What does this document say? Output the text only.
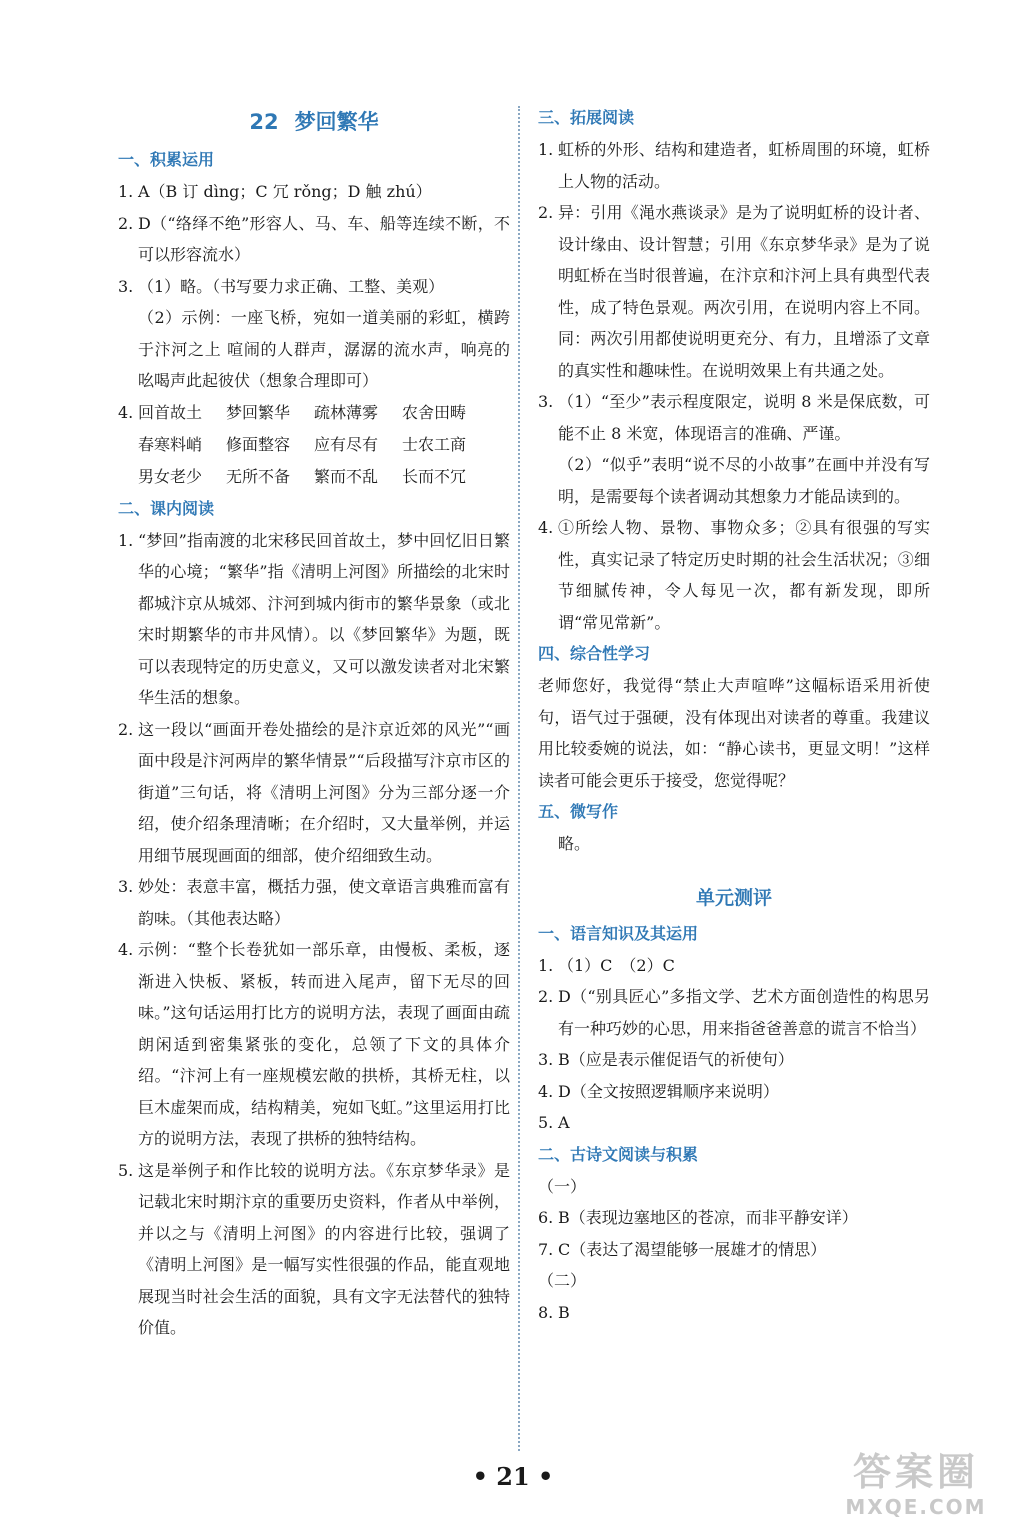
22 梦回繁华
一、积累运用
1. A（B 订 dìng；C 冗 rǒng；D 触 zhú）
2. D（“络绎不绝”形容人、马、车、船等连续不断，不可以形容流水）
3. （1）略。（书写要力求正确、工整、美观）
（2）示例：一座飞桥，宛如一道美丽的彩虹，横跨于汴河之上 喧闹的人群声，潺潺的流水声，响亮的吆喝声此起彼伏（想象合理即可）
4. 回首故土	梦回繁华	疏林薄雾	农舍田畴
春寒料峭	修面整容	应有尽有	士农工商
男女老少	无所不备	繁而不乱	长而不冗
二、课内阅读
1. “梦回”指南渡的北宋移民回首故土，梦中回忆旧日繁华的心境；“繁华”指《清明上河图》所描绘的北宋时都城汴京从城郊、汴河到城内街市的繁华景象（或北宋时期繁华的市井风情）。以《梦回繁华》为题，既可以表现特定的历史意义，又可以激发读者对北宋繁华生活的想象。
2. 这一段以“画面开卷处描绘的是汴京近郊的风光”“画面中段是汴河两岸的繁华情景”“后段描写汴京市区的街道”三句话，将《清明上河图》分为三部分逐一介绍，使介绍条理清晰；在介绍时，又大量举例，并运用细节展现画面的细部，使介绍细致生动。
3. 妙处：表意丰富，概括力强，使文章语言典雅而富有韵味。（其他表达略）
4. 示例：“整个长卷犹如一部乐章，由慢板、柔板，逐渐进入快板、紧板，转而进入尾声，留下无尽的回味。”这句话运用打比方的说明方法，表现了画面由疏朗闲适到密集紧张的变化，总领了下文的具体介绍。“汴河上有一座规模宏敞的拱桥，其桥无柱，以巨木虚架而成，结构精美，宛如飞虹。”这里运用打比方的说明方法，表现了拱桥的独特结构。
5. 这是举例子和作比较的说明方法。《东京梦华录》是记载北宋时期汴京的重要历史资料，作者从中举例，并以之与《清明上河图》的内容进行比较，强调了《清明上河图》是一幅写实性很强的作品，能直观地展现当时社会生活的面貌，具有文字无法替代的独特价值。
三、拓展阅读
1. 虹桥的外形、结构和建造者，虹桥周围的环境，虹桥上人物的活动。
2. 异：引用《渑水燕谈录》是为了说明虹桥的设计者、设计缘由、设计智慧；引用《东京梦华录》是为了说明虹桥在当时很普遍，在汴京和汴河上具有典型代表性，成了特色景观。两次引用，在说明内容上不同。同：两次引用都使说明更充分、有力，且增添了文章的真实性和趣味性。在说明效果上有共通之处。
3. （1）“至少”表示程度限定，说明 8 米是保底数，可能不止 8 米宽，体现语言的准确、严谨。
（2）“似乎”表明“说不尽的小故事”在画中并没有写明，是需要每个读者调动其想象力才能品读到的。
4. ①所绘人物、景物、事物众多；②具有很强的写实性，真实记录了特定历史时期的社会生活状况；③细节细腻传神，令人每见一次，都有新发现，即所谓“常见常新”。
四、综合性学习
老师您好，我觉得“禁止大声喧哗”这幅标语采用祈使句，语气过于强硬，没有体现出对读者的尊重。我建议用比较委婉的说法，如：“静心读书，更显文明！”这样读者可能会更乐于接受，您觉得呢？
五、微写作
略。
单元测评
一、语言知识及其运用
1. （1）C　（2）C
2. D（“别具匠心”多指文学、艺术方面创造性的构思另有一种巧妙的心思，用来指爸爸善意的谎言不恰当）
3. B（应是表示催促语气的祈使句）
4. D（全文按照逻辑顺序来说明）
5. A
二、古诗文阅读与积累
（一）
6. B（表现边塞地区的苍凉，而非平静安详）
7. C（表达了渴望能够一展雄才的情思）
（二）
8. B
• 21 •	答案圈
MXQE.COM
